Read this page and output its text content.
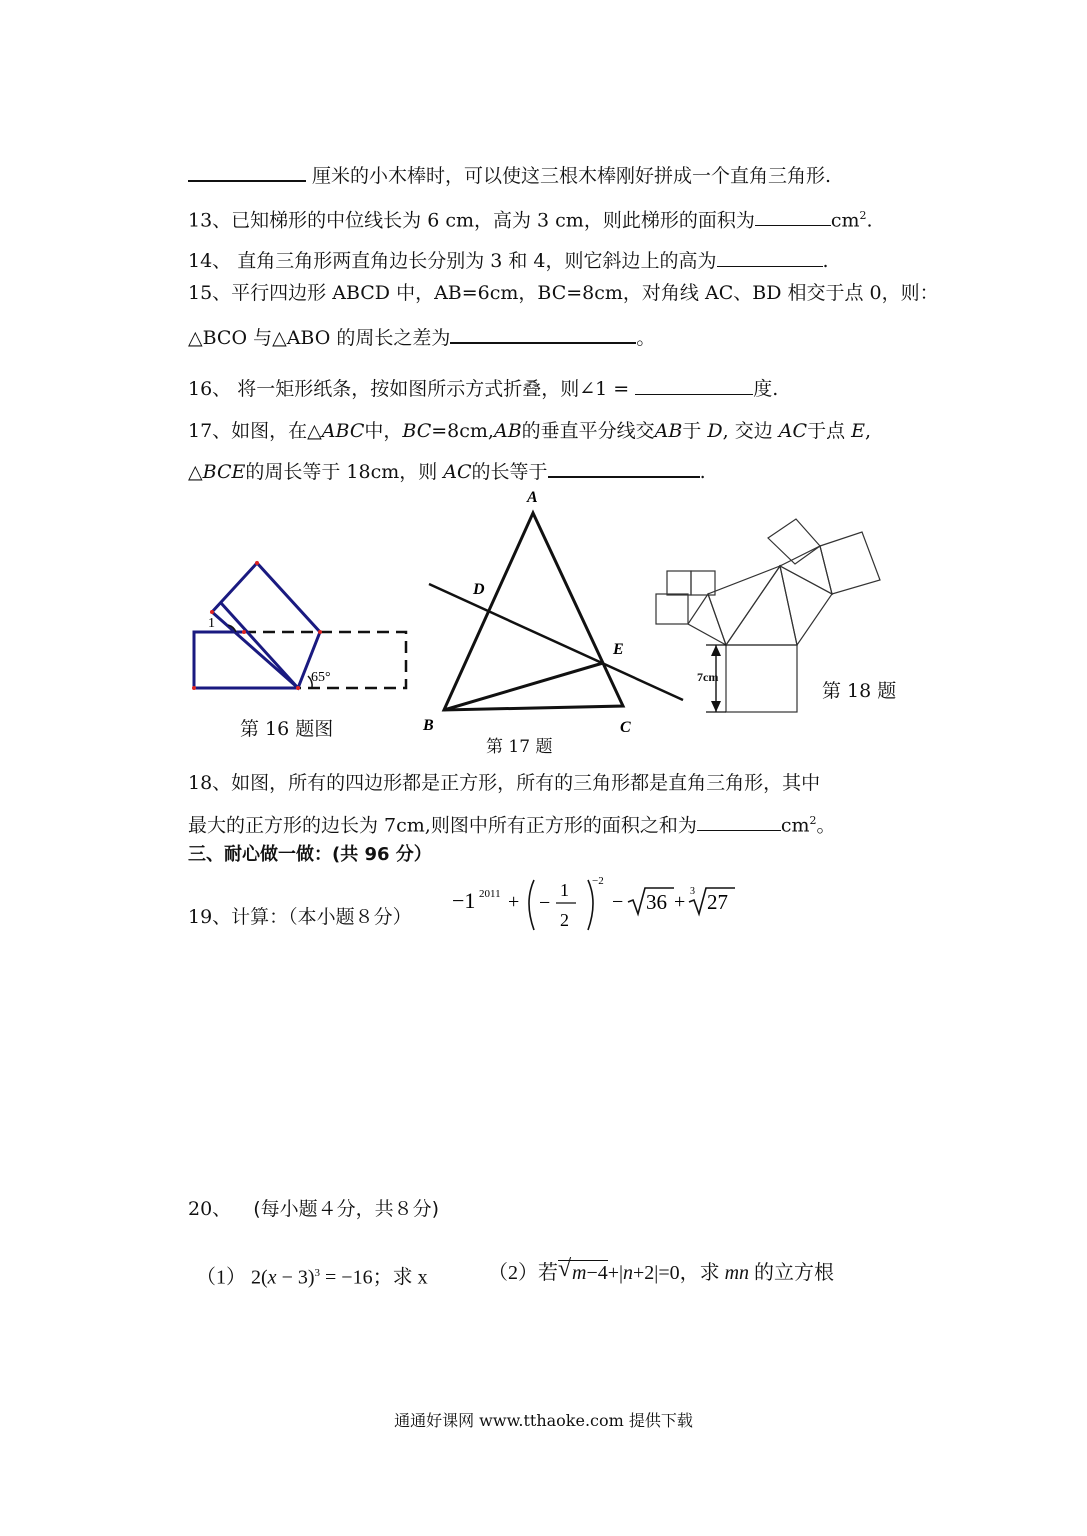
厘米的小木棒时，可以使这三根木棒刚好拼成一个直角三角形.
13、已知梯形的中位线长为 6 cm，高为 3 cm，则此梯形的面积为	$cm^2$.
14、 直角三角形两直角边长分别为 3 和 4，则它斜边上的高为	.
15、平行四边形 ABCD 中，AB=6cm，BC=8cm，对角线 AC、BD 相交于点 0，则：
△BCO 与△ABO 的周长之差为	。
16、 将一矩形纸条，按如图所示方式折叠，则∠1 =	度.
17、如图，在△ABC中，BC=8cm,AB的垂直平分线交AB于 D, 交边 AC于点 E,
△BCE的周长等于 18cm，则 AC的长等于	.
1
65°
A
D
E
B	C
7cm
第 16 题图
第 17 题
第 18 题
18、如图，所有的四边形都是正方形，所有的三角形都是直角三角形，其中
最大的正方形的边长为 7cm,则图中所有正方形的面积之和为	$cm^2$。
三、耐心做一做：(共 96 分）
19、计算：（本小题８分）
−1 2011 + −
1
2
−2
− 36 + 3 27
20、 (每小题４分，共８分)
（1） $2(x - 3)^3 = -16$；求 x	（2）若 √ m−4+|n+2|=0，求 mn 的立方根
通通好课网 www.tthaoke.com 提供下载
